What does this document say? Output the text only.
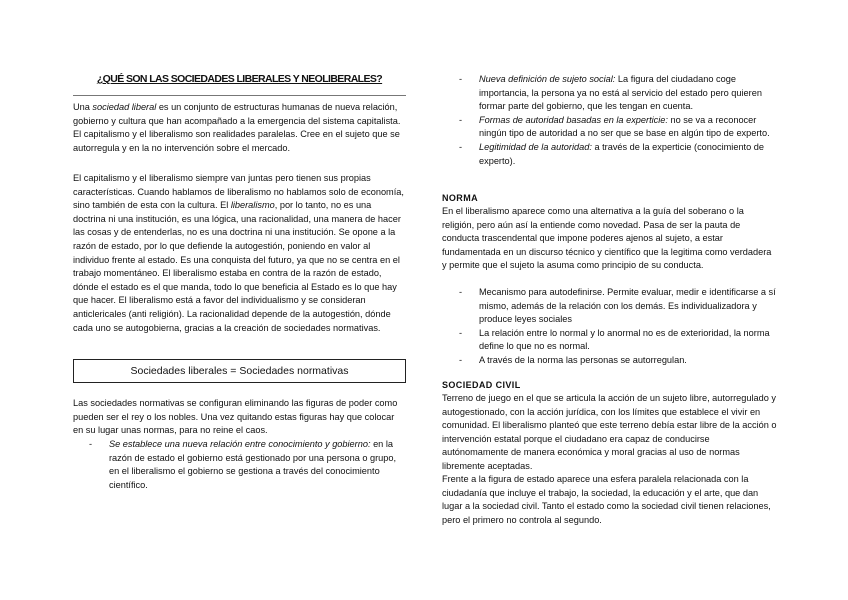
¿QUÉ SON LAS SOCIEDADES LIBERALES Y NEOLIBERALES?
Una sociedad liberal es un conjunto de estructuras humanas de nueva relación, gobierno y cultura que han acompañado a la emergencia del sistema capitalista. El capitalismo y el liberalismo son realidades paralelas. Cree en el sujeto que se autorregula y en la no intervención sobre el mercado.
El capitalismo y el liberalismo siempre van juntas pero tienen sus propias características. Cuando hablamos de liberalismo no hablamos solo de economía, sino también de esta con la cultura. El liberalismo, por lo tanto, no es una doctrina ni una institución, es una lógica, una racionalidad, una manera de hacer las cosas y de entenderlas, no es una doctrina ni una institución. Se opone a la razón de estado, por lo que defiende la autogestión, poniendo en valor al individuo frente al estado. Es una conquista del futuro, ya que no se centra en el trabajo momentáneo. El liberalismo estaba en contra de la razón de estado, dónde el estado es el que manda, todo lo que beneficia al Estado es lo que hay que hacer. El liberalismo está a favor del individualismo y se consideran anticlericales (anti religión). La racionalidad depende de la autogestión, dónde cada uno se autogobierna, gracias a la creación de sociedades normativas.
Sociedades liberales = Sociedades normativas
Las sociedades normativas se configuran eliminando las figuras de poder como pueden ser el rey o los nobles. Una vez quitando estas figuras hay que colocar en su lugar unas normas, para no reine el caos.
- Se establece una nueva relación entre conocimiento y gobierno: en la razón de estado el gobierno está gestionado por una persona o grupo, en el liberalismo el gobierno se gestiona a través del conocimiento científico.
- Nueva definición de sujeto social: La figura del ciudadano coge importancia, la persona ya no está al servicio del estado pero quieren formar parte del gobierno, que les tengan en cuenta.
- Formas de autoridad basadas en la experticie: no se va a reconocer ningún tipo de autoridad a no ser que se base en algún tipo de experto.
- Legitimidad de la autoridad: a través de la experticie (conocimiento de experto).
NORMA
En el liberalismo aparece como una alternativa a la guía del soberano o la religión, pero aún así la entiende como novedad. Pasa de ser la pauta de conducta trascendental que impone poderes ajenos al sujeto, a estar fundamentada en un discurso técnico y científico que la legitima como verdadera y permite que el sujeto la asuma como principio de su conducta.
- Mecanismo para autodefinirse. Permite evaluar, medir e identificarse a sí mismo, además de la relación con los demás. Es individualizadora y produce leyes sociales
- La relación entre lo normal y lo anormal no es de exterioridad, la norma define lo que no es normal.
- A través de la norma las personas se autorregulan.
SOCIEDAD CIVIL
Terreno de juego en el que se articula la acción de un sujeto libre, autorregulado y autogestionado, con la acción jurídica, con los límites que establece el vivir en comunidad. El liberalismo planteó que este terreno debía estar libre de la acción o intervención estatal porque el ciudadano era capaz de conducirse autónomamente de manera económica y moral gracias al uso de normas libremente aceptadas.
Frente a la figura de estado aparece una esfera paralela relacionada con la ciudadanía que incluye el trabajo, la sociedad, la educación y el arte, que dan lugar a la sociedad civil. Tanto el estado como la sociedad civil tienen relaciones, pero el primero no controla al segundo.
